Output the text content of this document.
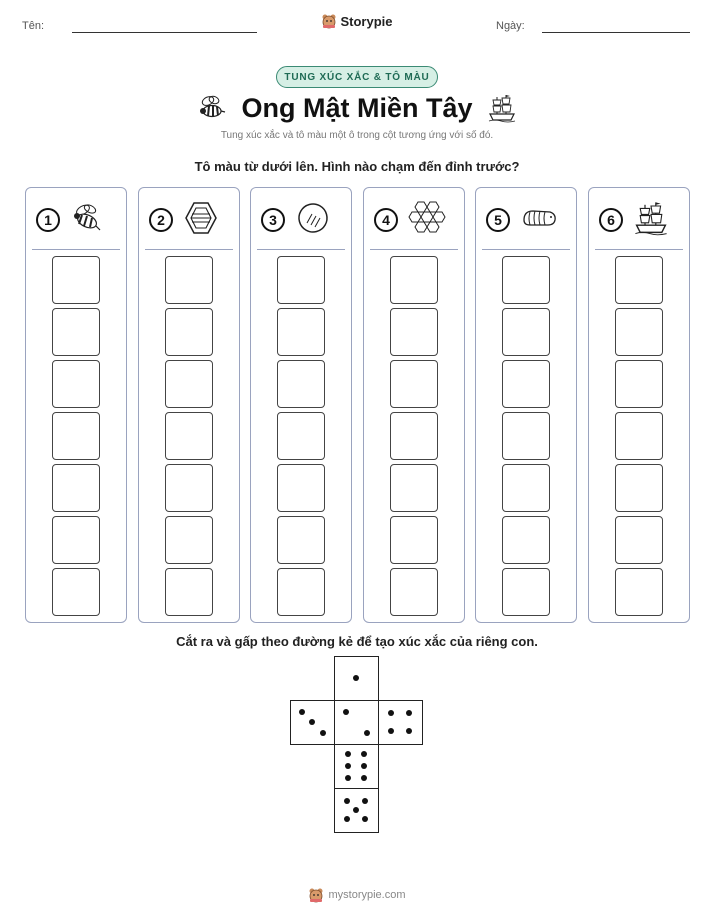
Tên:	Storypie	Ngày:
TUNG XÚC XẮC & TÔ MÀU
Ong Mật Miền Tây
Tung xúc xắc và tô màu một ô trong cột tương ứng với số đó.
Tô màu từ dưới lên. Hình nào chạm đến đỉnh trước?
1	2	3	4	5	6
Cắt ra và gấp theo đường kẻ để tạo xúc xắc của riêng con.
mystorypie.com
